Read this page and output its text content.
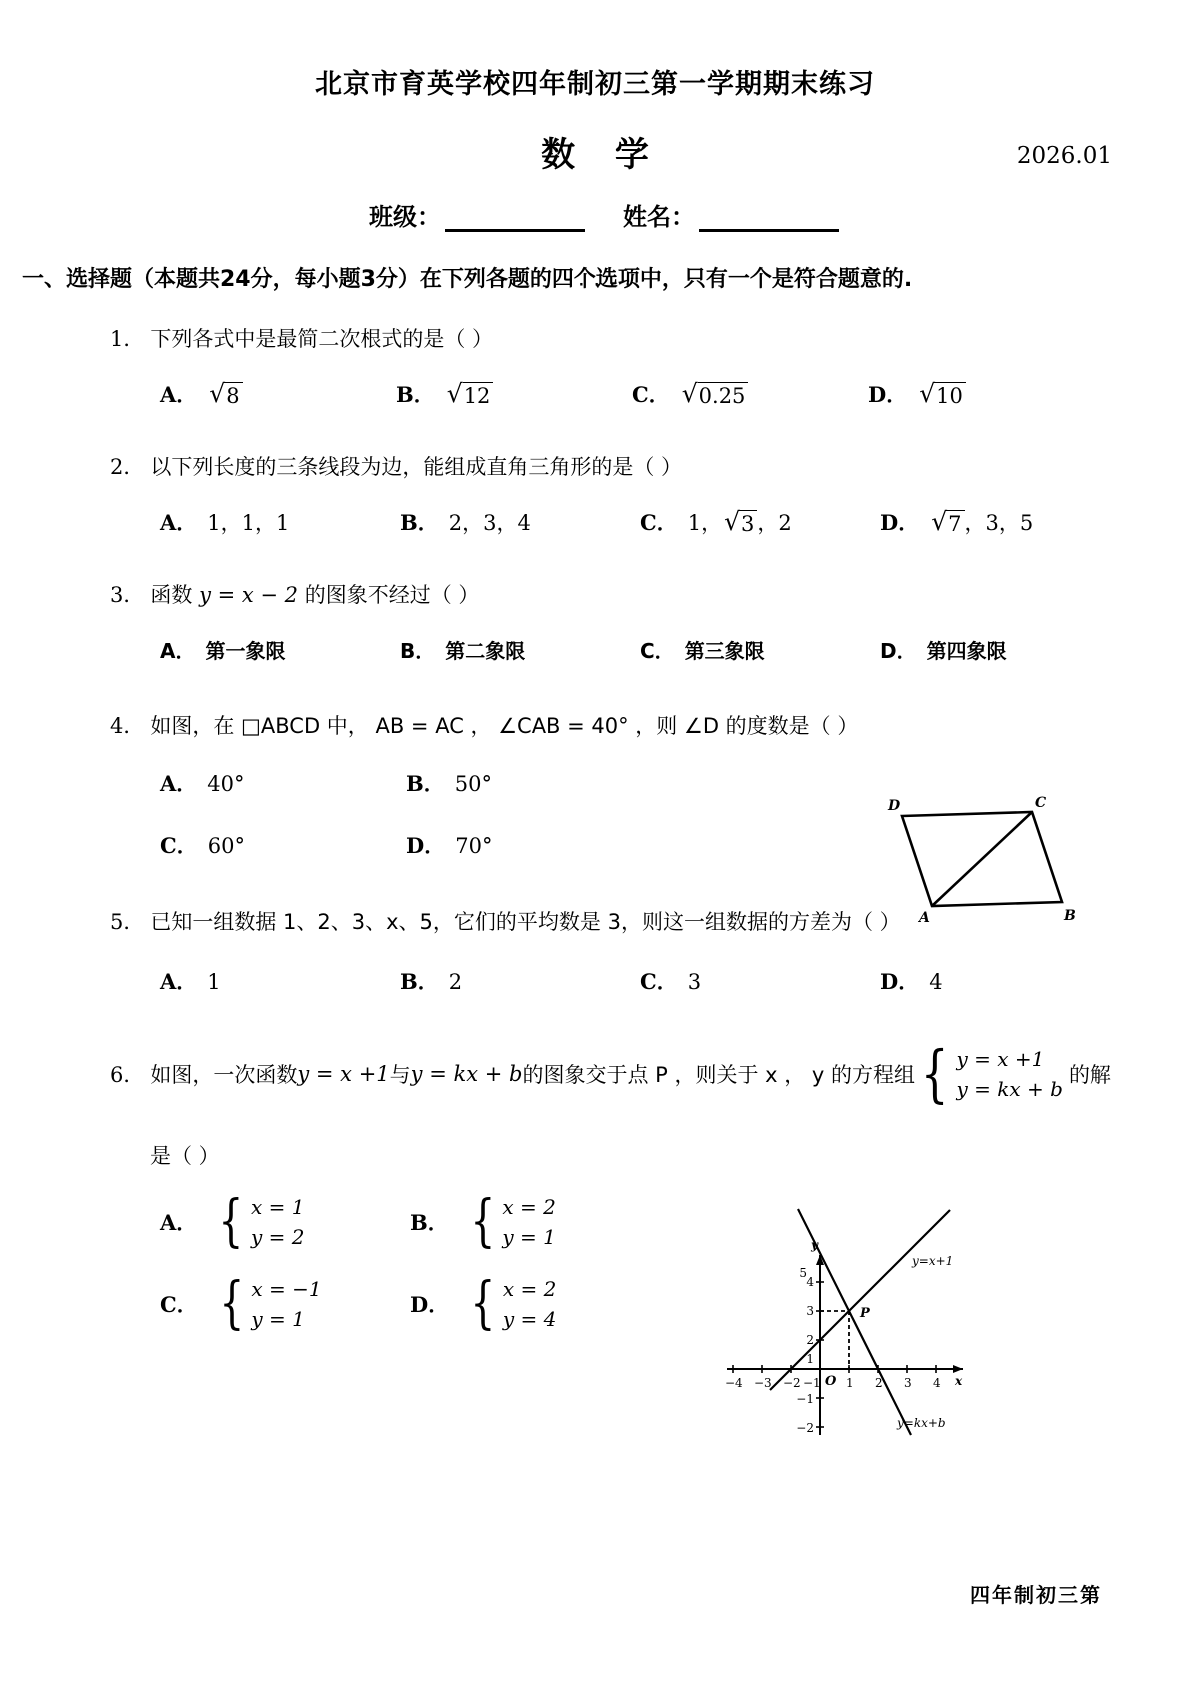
北京市育英学校四年制初三第一学期期末练习
数 学	2026.01
班级：	姓名：
一、选择题（本题共24分，每小题3分）在下列各题的四个选项中，只有一个是符合题意的. · · · ·
1． 下列各式中是最简二次根式的是（ ）
A． √ 8	B． √ 12	C． √ 0.25	D． √ 10
2． 以下列长度的三条线段为边，能组成直角三角形的是（ ）
A． 1，1，1	B． 2，3，4	C． 1， √ 3 ，2	D． √ 7 ，3，5
3． 函数 y = x − 2 的图象不经过（ ）
A． 第一象限	B． 第二象限	C． 第三象限	D． 第四象限
4． 如图，在 □ABCD 中， AB = AC ， ∠CAB = 40° ，则 ∠D 的度数是（ ）
A． 40°	B． 50°
C． 60°	D． 70°
D	C
A	B
5． 已知一组数据 1、2、3、x、5，它们的平均数是 3，则这一组数据的方差为（ ）
A． 1	B． 2	C． 3	D． 4
6． 如图，一次函数 y = x +1 与 y = kx + b 的图象交于点 P ，则关于 x ， y 的方程组 { y = x +1
y = kx + b
的解
是（ ）
A． { x = 1
y = 2
B． { x = 2
y = 1
C． { x = −1
y = 1
D． { x = 2
y = 4
y
x
O
−4 −3 −2 −1 1 2 3 4
5
4
3
2
1
−1
−2
P
y=x+1
y=kx+b
−3
四年制初三第
